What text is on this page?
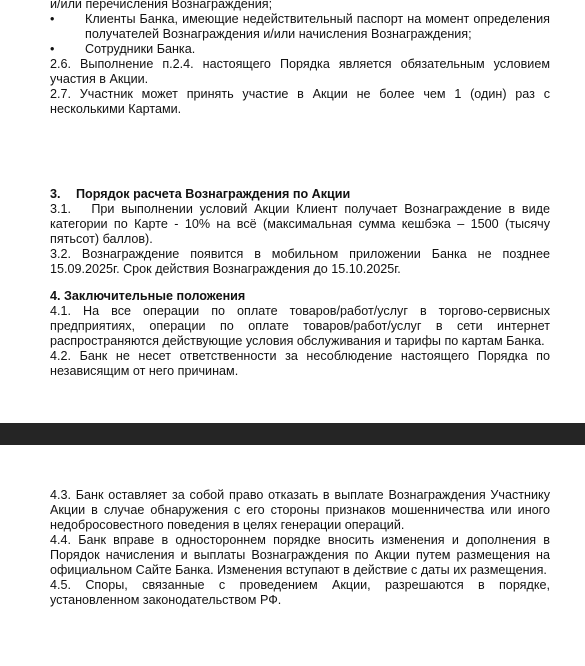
и/или перечисления Вознаграждения;

•	Клиенты Банка, имеющие недействительный паспорт на момент определения получателей Вознаграждения и/или начисления Вознаграждения;
•	Сотрудники Банка.

2.6. Выполнение п.2.4. настоящего Порядка является обязательным условием участия в Акции.

2.7. Участник может принять участие в Акции не более чем 1 (один) раз с несколькими Картами.

3. Порядок расчета Вознаграждения по Акции

3.1.   При выполнении условий Акции Клиент получает Вознаграждение в виде категории по Карте - 10% на всё (максимальная сумма кешбэка – 1500 (тысячу пятьсот) баллов).

3.2. Вознаграждение появится в мобильном приложении Банка не позднее 15.09.2025г. Срок действия Вознаграждения до 15.10.2025г.

4. Заключительные положения

4.1. На все операции по оплате товаров/работ/услуг в торгово-сервисных предприятиях, операции по оплате товаров/работ/услуг в сети интернет распространяются действующие условия обслуживания и тарифы по картам Банка.

4.2. Банк не несет ответственности за несоблюдение настоящего Порядка по независящим от него причинам.

4.3. Банк оставляет за собой право отказать в выплате Вознаграждения Участнику Акции в случае обнаружения с его стороны признаков мошенничества или иного недобросовестного поведения в целях генерации операций.

4.4. Банк вправе в одностороннем порядке вносить изменения и дополнения в Порядок начисления и выплаты Вознаграждения по Акции путем размещения на официальном Сайте Банка. Изменения вступают в действие с даты их размещения.

4.5. Споры, связанные с проведением Акции, разрешаются в порядке, установленном законодательством РФ.
